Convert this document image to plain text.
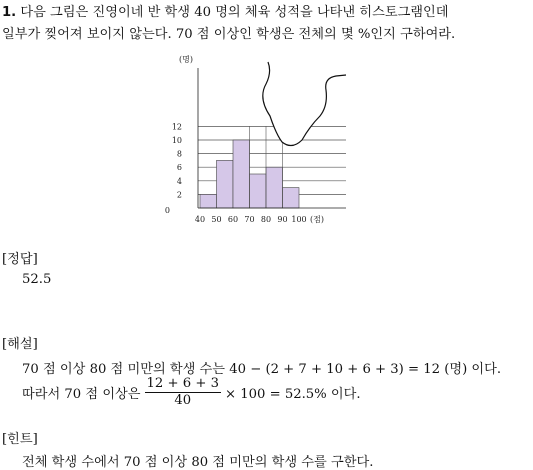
1. 다음 그림은 진영이네 반 학생 40 명의 체육 성적을 나타낸 히스토그램인데
일부가 찢어져 보이지 않는다. 70 점 이상인 학생은 전체의 몇 %인지 구하여라.
0
2
4
6
8
10
12
(명)
40 50 60 70 80 90 100 (점)
[정답]
52.5
[해설]
70 점 이상 80 점 미만의 학생 수는 40 − (2 + 7 + 10 + 6 + 3) = 12 (명) 이다.
따라서 70 점 이상은 $\frac{12 + 6 + 3}{40} \times 100 = 52.5\%$ 이다.
[힌트]
전체 학생 수에서 70 점 이상 80 점 미만의 학생 수를 구한다.
